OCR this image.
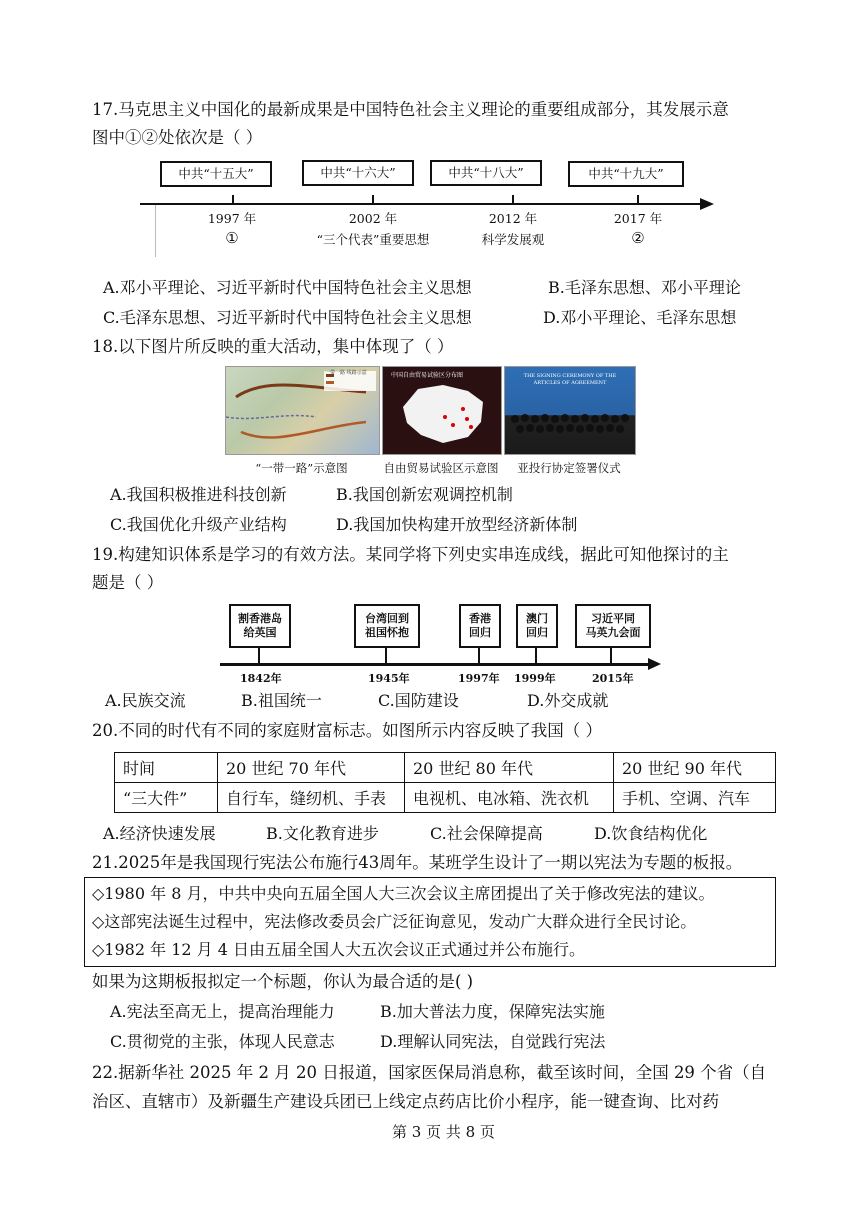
17.马克思主义中国化的最新成果是中国特色社会主义理论的重要组成部分，其发展示意
图中①②处依次是（ ）
中共“十五大”	中共“十六大”	中共“十八大”	中共“十九大”
1997 年	2002 年	2012 年	2017 年
①	“三个代表”重要思想	科学发展观	②
A.邓小平理论、习近平新时代中国特色社会主义思想	B.毛泽东思想、邓小平理论
C.毛泽东思想、习近平新时代中国特色社会主义思想	D.邓小平理论、毛泽东思想
18.以下图片所反映的重大活动，集中体现了（ ）
一带一路 线路示意
“一带一路”示意图
中国自由贸易试验区分布图
自由贸易试验区示意图
THE SIGNING CEREMONY OF THE ARTICLES OF AGREEMENT
亚投行协定签署仪式
A.我国积极推进科技创新	B.我国创新宏观调控机制
C.我国优化升级产业结构	D.我国加快构建开放型经济新体制
19.构建知识体系是学习的有效方法。某同学将下列史实串连成线，据此可知他探讨的主
题是（ ）
割香港岛
给英国
台湾回到
祖国怀抱
香港
回归
澳门
回归
习近平同
马英九会面
1842年	1945年	1997年 1999年	2015年
A.民族交流	B.祖国统一	C.国防建设	D.外交成就
20.不同的时代有不同的家庭财富标志。如图所示内容反映了我国（ ）
时间	20 世纪 70 年代	20 世纪 80 年代	20 世纪 90 年代
“三大件”	自行车，缝纫机、手表	电视机、电冰箱、洗衣机	手机、空调、汽车
A.经济快速发展	B.文化教育进步	C.社会保障提高	D.饮食结构优化
21.2025年是我国现行宪法公布施行43周年。某班学生设计了一期以宪法为专题的板报。
◇1980 年 8 月，中共中央向五届全国人大三次会议主席团提出了关于修改宪法的建议。
◇这部宪法诞生过程中，宪法修改委员会广泛征询意见，发动广大群众进行全民讨论。
◇1982 年 12 月 4 日由五届全国人大五次会议正式通过并公布施行。
如果为这期板报拟定一个标题，你认为最合适的是( )
A.宪法至高无上，提高治理能力	B.加大普法力度，保障宪法实施
C.贯彻党的主张，体现人民意志	D.理解认同宪法，自觉践行宪法
22.据新华社 2025 年 2 月 20 日报道，国家医保局消息称，截至该时间，全国 29 个省（自
治区、直辖市）及新疆生产建设兵团已上线定点药店比价小程序，能一键查询、比对药
第 3 页 共 8 页
